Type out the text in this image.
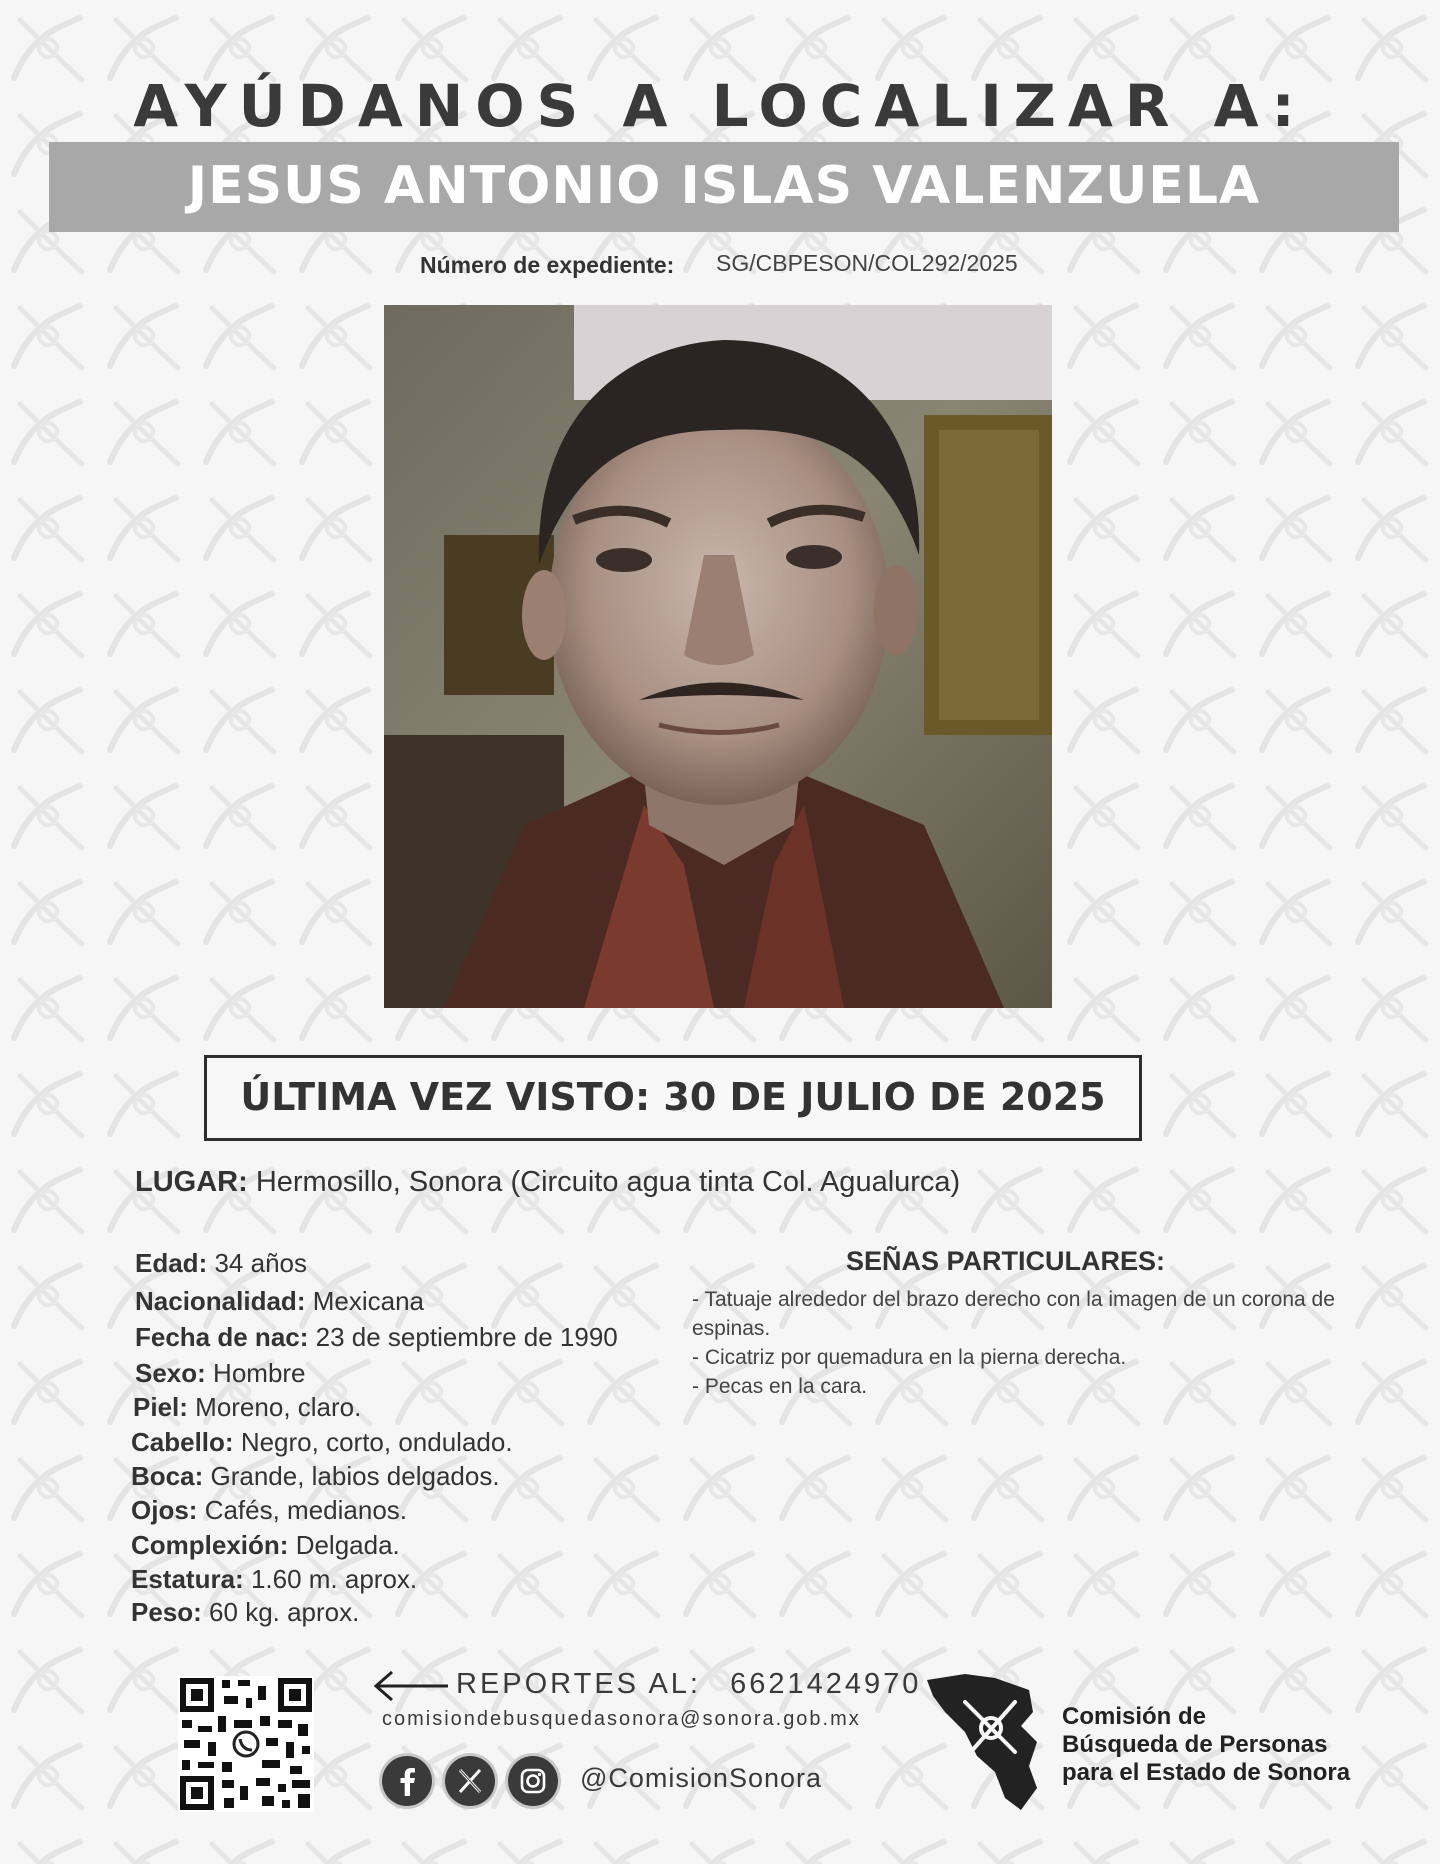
AYÚDANOS A LOCALIZAR A:
JESUS ANTONIO ISLAS VALENZUELA
Número de expediente: SG/CBPESON/COL292/2025
ÚLTIMA VEZ VISTO: 30 DE JULIO DE 2025
LUGAR: Hermosillo, Sonora (Circuito agua tinta Col. Agualurca)
Edad: 34 años
Nacionalidad: Mexicana
Fecha de nac: 23 de septiembre de 1990
Sexo: Hombre
Piel: Moreno, claro.
Cabello: Negro, corto, ondulado.
Boca: Grande, labios delgados.
Ojos: Cafés, medianos.
Complexión: Delgada.
Estatura: 1.60 m. aprox.
Peso: 60 kg. aprox.
SEÑAS PARTICULARES:
- Tatuaje alrededor del brazo derecho con la imagen de un corona de espinas.
- Cicatriz por quemadura en la pierna derecha.
- Pecas en la cara.
REPORTES AL: 6621424970
comisiondebusquedasonora@sonora.gob.mx
@ComisionSonora
Comisión de
Búsqueda de Personas
para el Estado de Sonora
